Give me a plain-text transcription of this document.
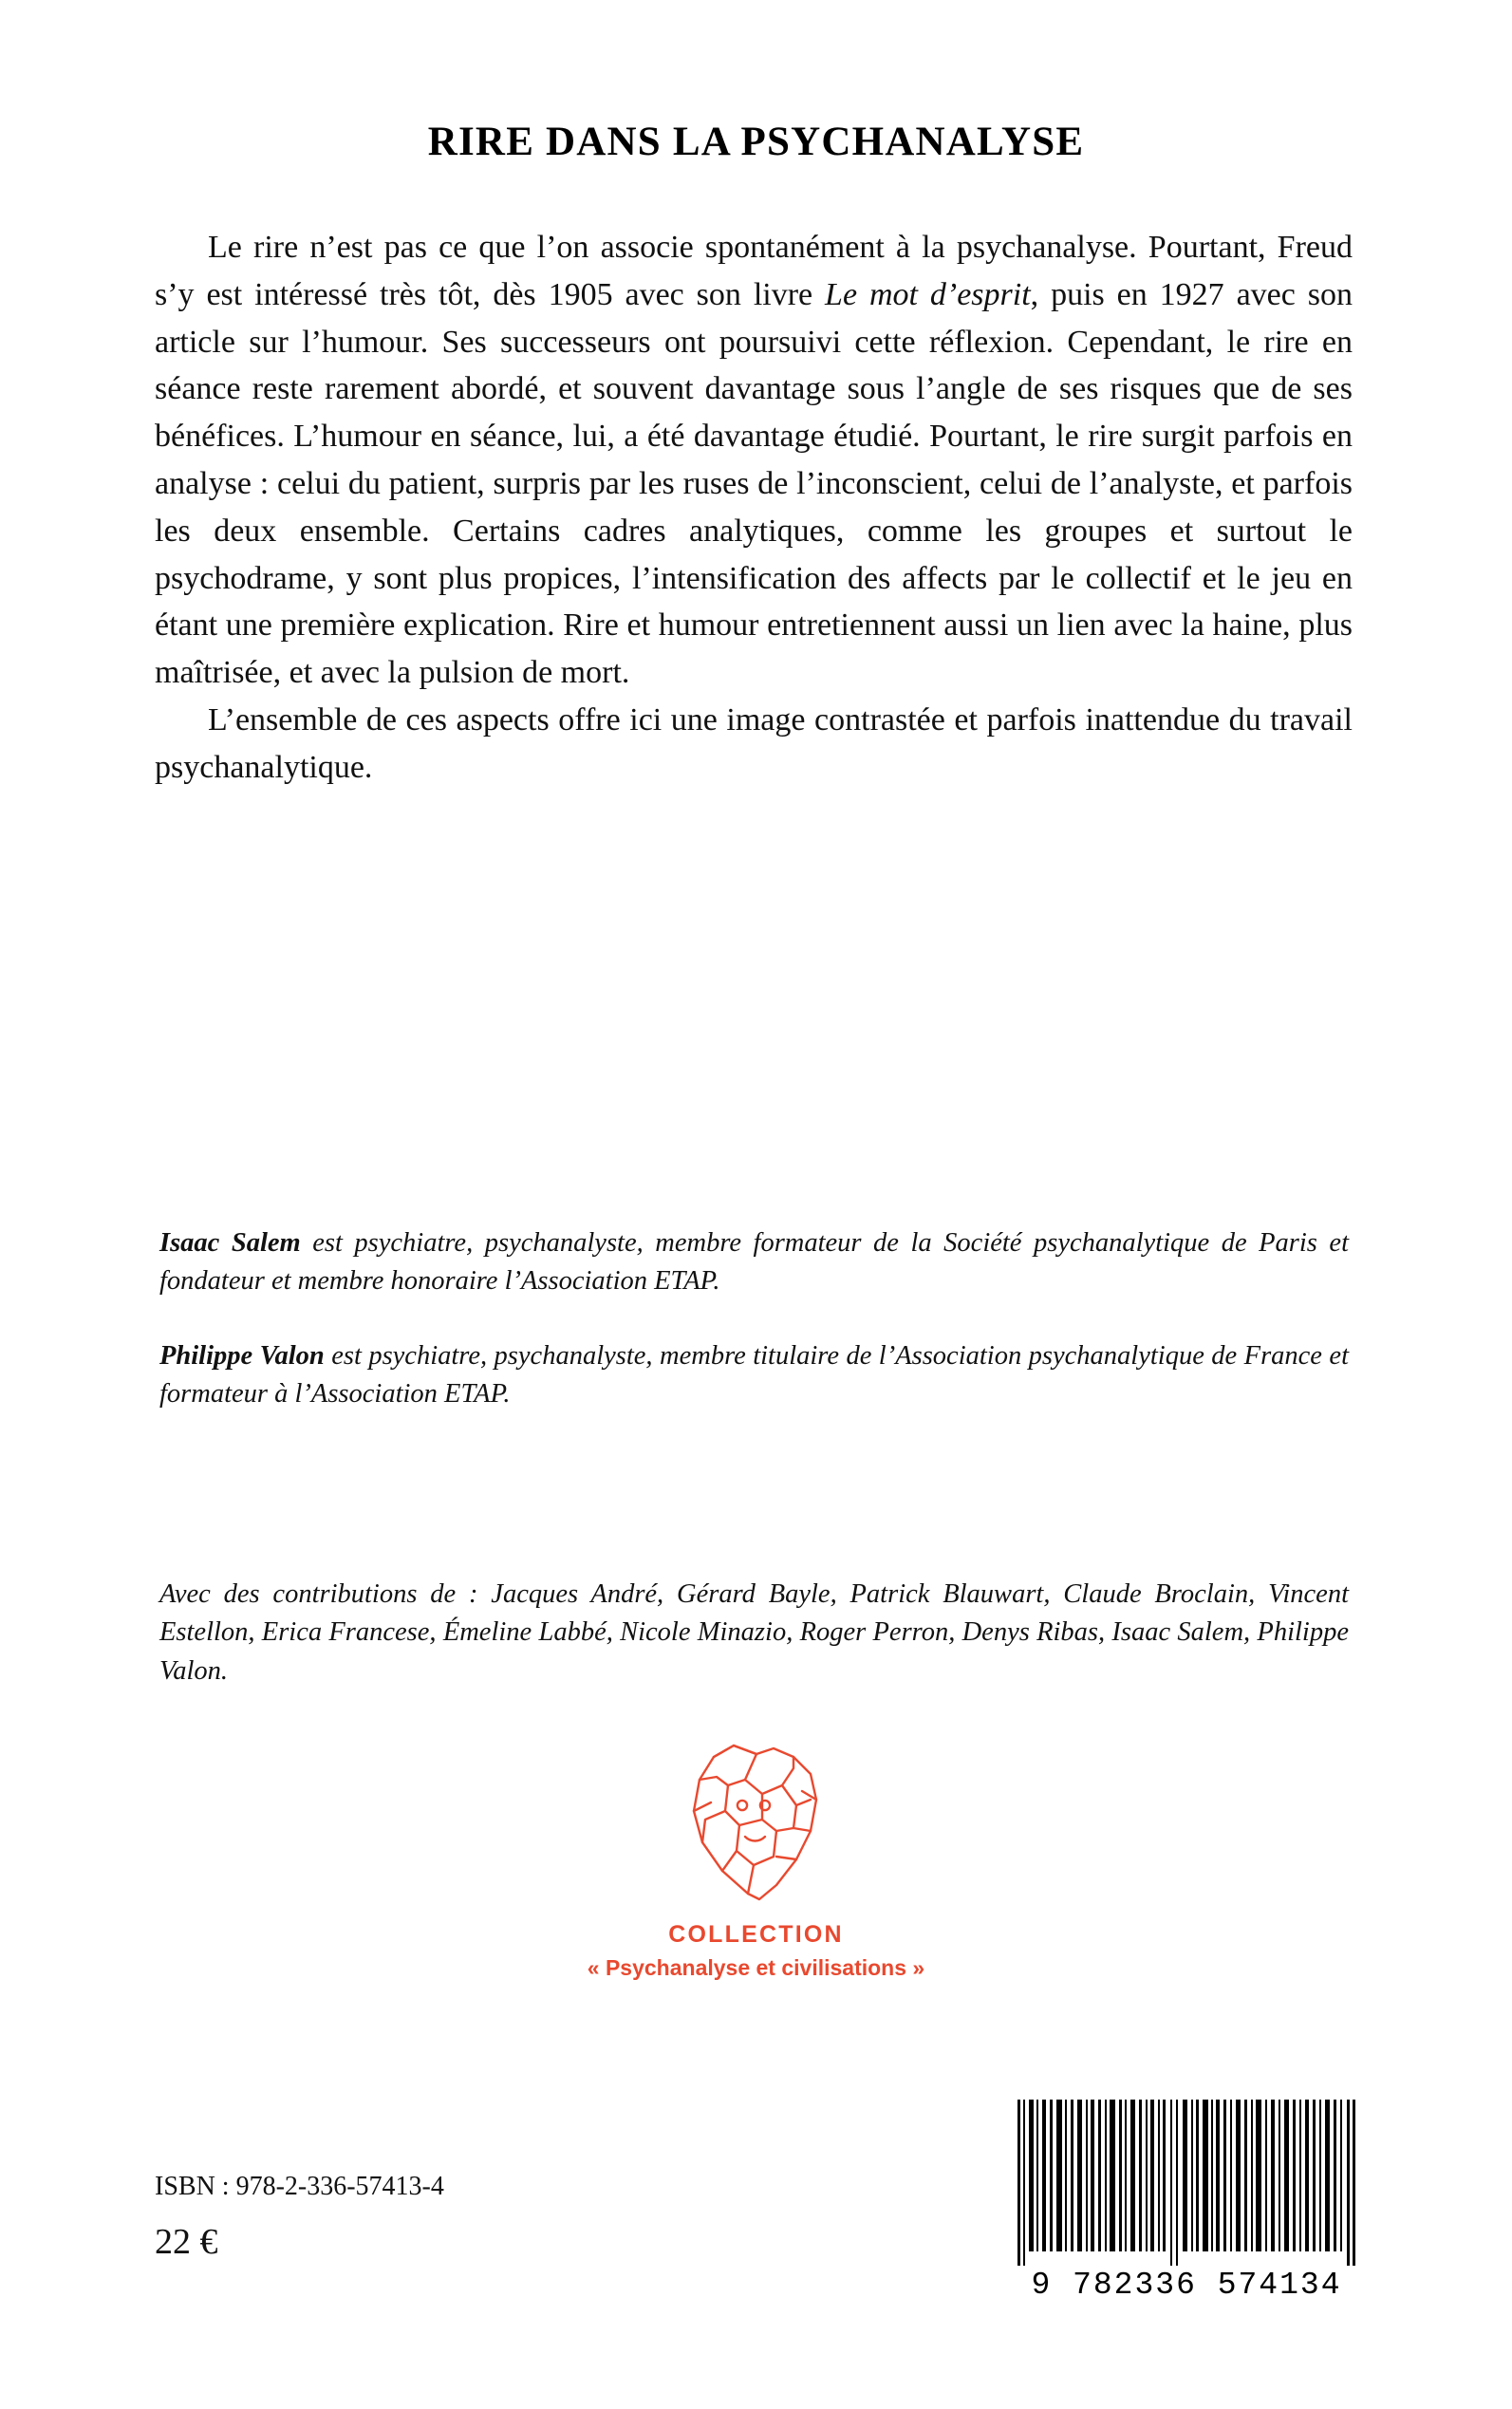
RIRE DANS LA PSYCHANALYSE

Le rire n’est pas ce que l’on associe spontanément à la psychanalyse. Pourtant, Freud s’y est intéressé très tôt, dès 1905 avec son livre Le mot d’esprit, puis en 1927 avec son article sur l’humour. Ses successeurs ont poursuivi cette réflexion. Cependant, le rire en séance reste rarement abordé, et souvent davantage sous l’angle de ses risques que de ses bénéfices. L’humour en séance, lui, a été davantage étudié. Pourtant, le rire surgit parfois en analyse : celui du patient, surpris par les ruses de l’inconscient, celui de l’analyste, et parfois les deux ensemble. Certains cadres analytiques, comme les groupes et surtout le psychodrame, y sont plus propices, l’intensification des affects par le collectif et le jeu en étant une première explication. Rire et humour entretiennent aussi un lien avec la haine, plus maîtrisée, et avec la pulsion de mort.

L’ensemble de ces aspects offre ici une image contrastée et parfois inattendue du travail psychanalytique.

Isaac Salem est psychiatre, psychanalyste, membre formateur de la Société psychanalytique de Paris et fondateur et membre honoraire l’Association ETAP.

Philippe Valon est psychiatre, psychanalyste, membre titulaire de l’Association psychanalytique de France et formateur à l’Association ETAP.

Avec des contributions de : Jacques André, Gérard Bayle, Patrick Blauwart, Claude Broclain, Vincent Estellon, Erica Francese, Émeline Labbé, Nicole Minazio, Roger Perron, Denys Ribas, Isaac Salem, Philippe Valon.
COLLECTION
« Psychanalyse et civilisations »
ISBN : 978-2-336-57413-4
22 €
9 782336 574134
